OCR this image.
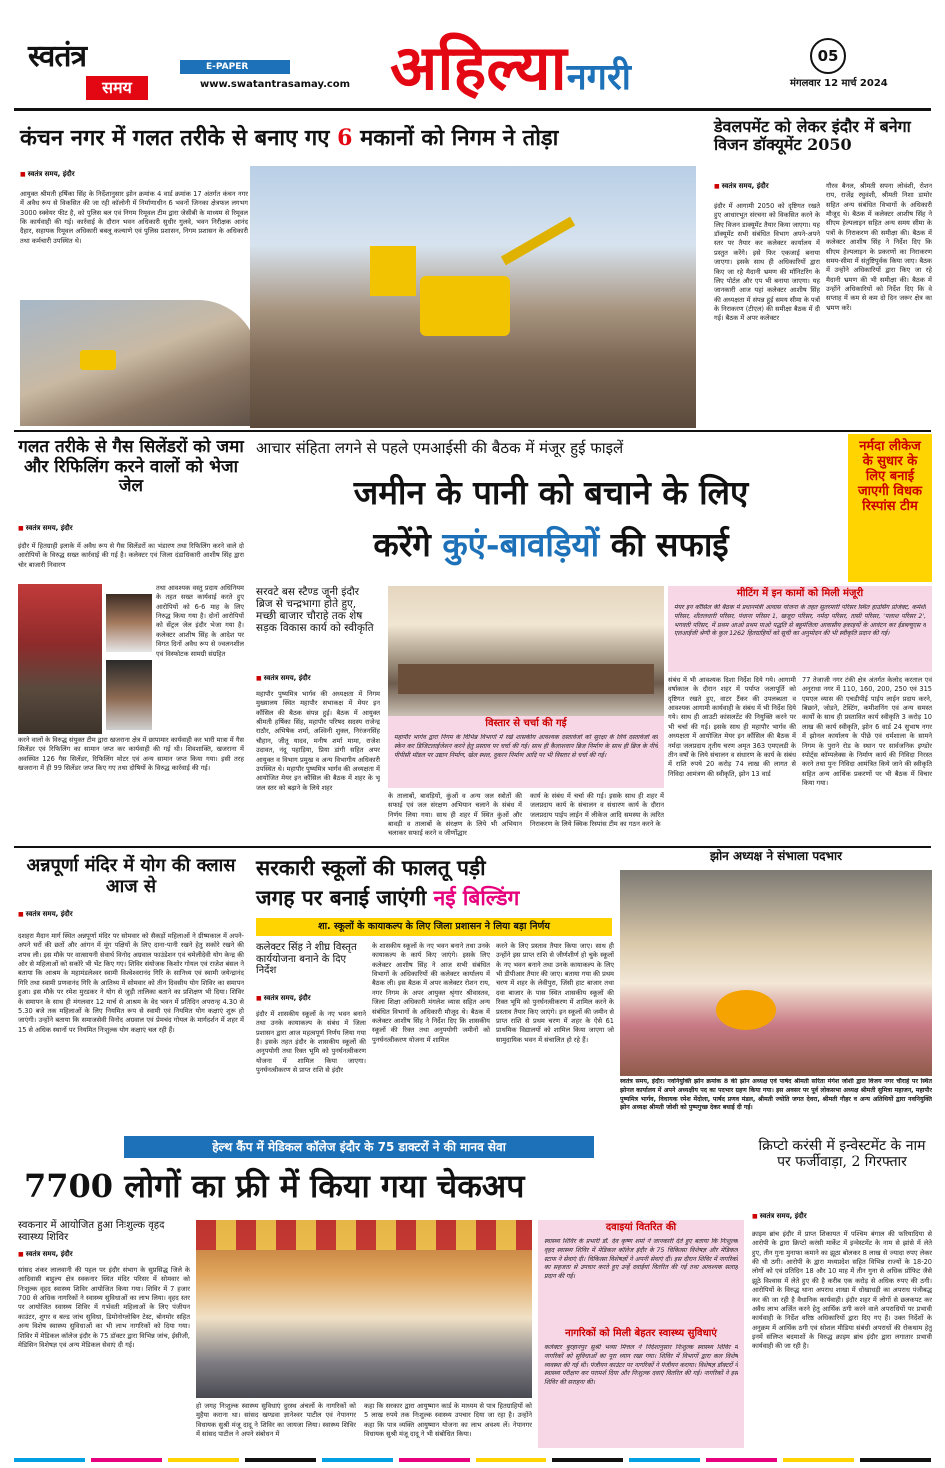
स्वतंत्र
समय
E-PAPER
www.swatantrasamay.com अहिल्यानगरी	05
मंगलवार 12 मार्च 2024
कंचन नगर में गलत तरीके से बनाए गए 6 मकानों को निगम ने तोड़ा
■ स्वतंत्र समय, इंदौर
आयुक्त श्रीमती हर्षिका सिंह के निर्देशानुसार झोन क्रमांक 4 वार्ड क्रमांक 17 अंतर्गत कंचन नगर में अवैध रूप से विकसित की जा रही कॉलोनी में निर्माणाधीन 6 भवनों जिनका क्षेत्रफल लगभग 3000 स्क्वेयर फीट है, को पुलिस बल एवं निगम रिमूवल टीम द्वारा जेसीबी के माध्यम से रिमूवल कि कार्यवाही की गई। कार्रवाई के दौरान भवन अधिकारी सुधीर गुलवे, भवन निरीक्षक आनंद दैहार, सहायक रिमूवल अधिकारी बबलू कल्याणे एवं पुलिस प्रशासन, निगम प्रशासन के अधिकारी तथा कर्मचारी उपस्थित थे।
डेवलपमेंट को लेकर इंदौर में बनेगा विजन डॉक्यूमेंट 2050
■ स्वतंत्र समय, इंदौर
इंदौर में आगामी 2050 को दृष्टिगत रखते हुए आधारभूत संरचना को विकसित करने के लिए विजन डाक्यूमेंट तैयार किया जाएगा। यह डॉक्यूमेंट सभी संबंधित विभाग अपने-अपने स्तर पर तैयार कर कलेक्टर कार्यालय में प्रस्तुत करेंगे। इसे फिर एकजाई बनाया जाएगा। इसके साथ ही अधिकारियों द्वारा किए जा रहे मैदानी भ्रमण की मॉनिटरिंग के लिए पोर्टल और एप भी बनाया जाएगा। यह जानकारी आज यहां कलेक्टर आशीष सिंह की अध्यक्षता में संपन्न हुई समय सीमा के पत्रों के निराकरण (टीएल) की समीक्षा बैठक में दी गई। बैठक में अपर कलेक्टर
गौरव बैनल, श्रीमती सपना लोवंशी, रोशन राय, राजेंद्र रघुवंशी, श्रीमती निशा डामोर सहित अन्य संबंधित विभागों के अधिकारी मौजूद थे। बैठक में कलेक्टर आशीष सिंह ने सीएम हेल्पलाइन सहित अन्य समय सीमा के पत्रों के निराकरण की समीक्षा की। बैठक में कलेक्टर आशीष सिंह ने निर्देश दिए कि सीएम हेल्पलाइन के प्रकरणों का निराकरण समय-सीमा में संतुष्टिपूर्वक किया जाए। बैठक में उन्होंने अधिकारियों द्वारा किए जा रहे मैदानी भ्रमण की भी समीक्षा की। बैठक में उन्होंने अधिकारियों को निर्देश दिए कि वे सप्ताह में कम से कम दो दिन जरूर क्षेत्र का भ्रमण करें।
गलत तरीके से गैस सिलेंडरों को जमा और रिफिलिंग करने वालों को भेजा जेल
■ स्वतंत्र समय, इंदौर
इंदौर में हितग्राही इलाके में अवैध रूप से गैस सिलेंडरों का भंडारण तथा रिफिलिंग करने वाले दो आरोपियों के विरुद्ध सख्त कार्रवाई की गई है। कलेक्टर एवं जिला दंडाधिकारी आशीष सिंह द्वारा चोर बाजारी निवारण
तथा आवश्यक वस्तु प्रदाय अधिनियम के तहत सख्त कार्यवाई करते हुए आरोपियों को 6-6 माह के लिए निरुद्ध किया गया है। दोनों आरोपियों को सेंट्रल जेल इंदौर भेजा गया है। कलेक्टर आशीष सिंह के आदेश पर विगत दिनों अवैध रूप से ज्वलनशील एवं विस्फोटक सामग्री संग्रहित
करने वालों के विरुद्ध संयुक्त टीम द्वारा खजराना क्षेत्र में छापामार कार्यवाही कर भारी मात्रा में गैस सिलेंडर एवं रिफिलिंग का सामान जप्त कर कार्यवाही की गई थी। शिवशाक्ति, खजराना में अवस्थित 126 गैस सिलेंडर, रिफिलिंग मोटर एवं अन्य सामान जप्त किया गया। इसी तरह खजराना में ही 99 सिलेंडर जप्त किए गए तथा दोषियों के विरुद्ध कार्रवाई की गई।
आचार संहिता लगने से पहले एमआईसी की बैठक में मंजूर हुई फाइलें
जमीन के पानी को बचाने के लिए
करेंगे कुएं-बावड़ियों की सफाई
नर्मदा लीकेज के सुधार के लिए बनाई जाएगी विधक रिस्पांस टीम
सरवटे बस स्टैण्ड जूनी इंदौर ब्रिज से चन्द्रभागा होते हुए, मच्छी बाजार चौराहे तक शेष सड़क विकास कार्य को स्वीकृति
■ स्वतंत्र समय, इंदौर
महापौर पुष्यमित्र भार्गव की अध्यक्षता में निगम मुख्यालय स्थित महापौर सभाकक्ष में मेयर इन कौंसिल की बैठक संपन्न हुई। बैठक में आयुक्त श्रीमती हर्षिका सिंह, महापौर परिषद सदस्य राजेन्द्र राठौर, अभिषेक शर्मा, अश्विनी शुक्ल, निरंजनसिंह चौहान, जीतू यादव, मनीष शर्मा मामा, राजेश उदावत, नंदू पहाड़िया, प्रिया डांगी सहित अपर आयुक्त व विभाग प्रमुख व अन्य विभागीय अधिकारी उपस्थित थे। महापौर पुष्यमित्र भार्गव की अध्यक्षता में आयोजित मेयर इन कौंसिल की बैठक में शहर के भू जल स्तर को बढ़ाने के लिये शहर
विस्तार से चर्चा की गई
महापौर भार्गव द्वारा निगम के विभिन्न विभागों में रखे शासकीय आवश्यक दस्तावेजों को सुरक्षा के लिये दस्तावेजों को स्केन कर डिजिटलाईजेशन करने हेतु प्रस्ताव पर चर्चा की गई। साथ ही कैलाशवान ब्रिज निर्माण के साथ ही ब्रिज के नीचे पीपीसी मॉडल पर उद्यान निर्माण, खेल स्थल, दुकान निर्माण आदि पर भी विस्तार से चर्चा की गई।
के तालाबों, बावड़ियों, कुंओं व अन्य जल स्त्रोतों की सफाई एवं जल संरक्षण अभियान चलाने के संबंध में निर्णय लिया गया। साथ ही शहर में स्थित कुंओं और बावड़ी व तालाबों के संरक्षण के लिये भी अभियान चलाकर सफाई करने व जीर्णोद्धार
कार्य के संबंध में चर्चा की गई। इसके साथ ही शहर में जलप्रदाय कार्य के संचालन व संधारण कार्य के दौरान जलप्रदाय पाईप लाईन में लीकेज आदि समस्या के त्वरित निराकरण के लिये क्विक रिस्पांस टीम का गठन करने के
मीटिंग में इन कामों को मिली मंजूरी
मेयर इन कौंसिल की बैठक में प्रधानमंत्री आवास योजना के तहत सुतरमारी परिसर स्थित हाउसिंग प्रोजेक्ट, कर्मशी परिसर, शीतलधारी परिसर, पंधाना परिसर 1, खजूरा परिसर, नर्मदा परिसर, तासी परिसर, 'पलाश परिसर 2', भगवती परिसर, में प्रथम आओ प्रथम पाओ पद्धति से बहुमंजिला आवासीय इकाइयों के आवंटन कर ईडब्ल्यूएस व एलआईजी श्रेणी के कुल 1262 हितग्राहियों को सूची का अनुमोदन की भी स्वीकृति प्रदान की गई।
संबंध में भी आवश्यक दिशा निर्देश दिये गये। आगामी वर्षाकाल के दौरान शहर में पर्याप्त जलापूर्ति को दृष्टिगत रखते हुए, वाटर टैंकर की उपलब्धता व आवश्यक आगामी कार्यवाही के संबंध में भी निर्देश दिये गये। साथ ही आउटी कांसलटेंट की नियुक्ति करने पर भी चर्चा की गई। इसके साथ ही महापौर भार्गव की अध्यक्षता में आयोजित मेयर इन कौंसिल की बैठक में नर्मदा जलप्रदाय तृतीय चरण अमृत 363 एमएलडी के तीन वर्षों के लिये संचालन व संधारण के कार्य के संबंध में राशि रुपये 20 करोड़ 74 लाख की लागत से निविदा आमंत्रण की स्वीकृति, झोन 13 वार्ड
77 तेजाजी नगर टंकी क्षेत्र अंतर्गत केलोद करताल एवं अनुराधा नगर में 110, 160, 200, 250 एवं 315 एमएल व्यास की एचडीपीई पाईप लाईन प्रदाय करने, बिछाने, जोडने, टेस्टिंग, कमीशनिंग एवं अन्य समस्त कार्यों के साथ ही प्रस्तावित कार्य स्वीकृति 3 करोड़ 10 लाख की कार्य स्वीकृति, झोन 6 वार्ड 24 सुभाष नगर में झोनल कार्यालय के पीछे एवं धर्मशाला के सामने निगम के पुराने रोड के स्थान पर सार्वजनिक इण्डोर स्पोर्ट्स कॉम्पलेक्स के निर्माण कार्य की निविदा निरस्त करने तथा पुनः निविदा आमंत्रित किये जाने की स्वीकृति सहित अन्य आर्थिक प्रकरणों पर भी बैठक में विचार किया गया।
अन्नपूर्णा मंदिर में योग की क्लास आज से
■ स्वतंत्र समय, इंदौर
दशहरा मैदान मार्ग स्थित अन्नपूर्णा मंदिर पर सोमवार को सैकड़ों महिलाओं ने ग्रीष्मकाल में अपने-अपने घरों की छतों और आंगन में मूंग पक्षियों के लिए दाना-पानी रखने हेतु सकोरे रखने की शपथ ली। इस मौके पर वात्सायनी सेवार्थ विनोद अग्रवाल फाउंडेशन एवं चमेलीदेवी योग केन्द्र की ओर से महिलाओं को सकोरे भी भेंट किए गए। शिविर संयोजक किशोर गोयल एवं राजेश बंसल ने बताया कि आश्रम के महामंडलेश्वर स्वामी विश्वेश्वरानंद गिरि के सानिध्य एवं स्वामी जयेन्द्रानंद गिरि तथा स्वामी प्रणवानंद गिरि के आतिथ्य में सोमवार को तीन दिवसीय योग शिविर का समापन हुआ। इस मौके पर रमेश मुरडकर ने योग से जुड़ी तालिका बताने का प्रशिक्षण भी दिया। शिविर के समापन के साथ ही मंगलवार 12 मार्च से आश्रम के वेद भवन में प्रतिदिन अपरान्ह 4.30 से 5.30 बजे तक महिलाओं के लिए नियमित रूप से स्वामी एवं नियमित योग कक्षाएं शुरू हो जाएंगी। उन्होंने बताया कि समाजसेवी विनोद अग्रवाल एवं प्रेमचंद गोयल के मार्गदर्शन में शहर में 15 से अधिक स्थानों पर नियमित निःशुल्क योग कक्षाएं चल रही हैं।
सरकारी स्कूलों की फालतू पड़ी
जगह पर बनाई जाएंगी नई बिल्डिंग
शा. स्कूलों के कायाकल्प के लिए जिला प्रशासन ने लिया बड़ा निर्णय
कलेक्टर सिंह ने शीघ्र विस्तृत कार्ययोजना बनाने के दिए निर्देश
■ स्वतंत्र समय, इंदौर
इंदौर में शासकीय स्कूलों के नए भवन बनाने तथा उनके कायाकल्प के संबंध में जिला प्रशासन द्वारा आज महत्वपूर्ण निर्णय लिया गया है। इसके तहत इंदौर के शासकीय स्कूलों की अनुपयोगी तथा रिक्त भूमि को पुनर्घनत्वीकरण योजना में शामिल किया जाएगा। पुनर्घनत्वीकरण से प्राप्त राशि से इंदौर
के शासकीय स्कूलों के नए भवन बनाने तथा उनके कायाकल्प के कार्य किए जाएंगे। इसके लिए कलेक्टर आशीष सिंह ने आज सभी संबंधित विभागों के अधिकारियों की कलेक्टर कार्यालय में बैठक ली। इस बैठक में अपर कलेक्टर रोशन राय, नगर निगम के अपर आयुक्त श्रृंगार श्रीवास्तव, जिला शिक्षा अधिकारी मंगलेश व्यास सहित अन्य संबंधित विभागों के अधिकारी मौजूद थे। बैठक में कलेक्टर आशीष सिंह ने निर्देश दिए कि शासकीय स्कूलों की रिक्त तथा अनुपयोगी जमीनों को पुनर्घनत्वीकरण योजना में शामिल
करने के लिए प्रस्ताव तैयार किया जाए। साथ ही उन्होंने इस प्राप्त राशि से जीर्णशीर्ण हो चुके स्कूलों के नए भवन बनाने तथा उनके कायाकल्प के लिए भी डीपीआर तैयार की जाए। बताया गया की प्रथम चरण में शहर के लेवीपुरा, जिंसी हाट बाजार तथा दवा बाजार के पास स्थित शासकीय स्कूलों की रिक्त भूमि को पुनर्घनत्वीकरण में शामिल करने के प्रस्ताव तैयार किए जाएंगे। इन स्कूलों की जमीन से प्राप्त राशि से प्रथम चरण में शहर के ऐसे 61 प्राथमिक विद्यालयों को शामिल किया जाएगा जो सामुदायिक भवन में संचालित हो रहे हैं।
झोन अध्यक्ष ने संभाला पदभार
स्वतंत्र समय, इंदौर। नवनियुक्ति झोन क्रमांक 8 की झोन अध्यक्ष एवं पार्षद श्रीमती सरिता मंगेश जोशी द्वारा विजय नगर चौराहे पर स्थित झोनल कार्यालय में अपने अध्यक्षीय पद का पदभार ग्रहण किया गया। इस अवसर पर पूर्व लोकसभा अध्यक्ष श्रीमती सुमित्रा महाजन, महापौर पुष्यमित्र भार्गव, विधायक रमेश मेंदोला, पार्षद प्रणव मंडल, श्रीमती ज्योति जगत देवरा, श्रीमती गौहर व अन्य अतिथियों द्वारा नवनियुक्ति झोन अध्यक्ष श्रीमती जोशी को पुष्पगुच्छ देकर बधाई दी गई।
हेल्थ कैंप में मेडिकल कॉलेज इंदौर के 75 डाक्टरों ने की मानव सेवा
7700 लोगों का फ्री में किया गया चेकअप
स्वकनार में आयोजित हुआ निःशुल्क वृहद स्वास्थ्य शिविर
■ स्वतंत्र समय, इंदौर
सांसद शंकर लालवानी की पहल पर इंदौर संभाग के सुप्रसिद्ध जिले के आदिवासी बाहुल्य क्षेत्र स्वकनार स्थित मंदिर परिसर में सोमवार को निःशुल्क वृहद स्वास्थ्य शिविर आयोजित किया गया। शिविर में 7 हजार 700 से अधिक नागरिकों ने स्वास्थ्य सुविधाओं का लाभ लिया। वृहद स्तर पर आयोजित स्वास्थ्य शिविर में गर्भवती महिलाओं के लिए पंजीयन काउंटर, शुगर व बल्ड जांच सुविधा, डिमोनोग्लोबिन टेस्ट, बोनमोर सहित अन्य विशेष स्वास्थ्य सुविधाओं का भी लाभ नागरिकों को दिया गया। शिविर में मेडिकल कॉलेज इंदौर के 75 डॉक्टर द्वारा विभिन्न जांच, ईसीजी, मेडिसिन विशेषज्ञ एवं अन्य मेडिकल सेवाएं दी गई।
हो जगह निःशुल्क स्वास्थ्य सुविधाएं दुरस्थ अंचलों के नागरिकों को मुहैया कराना था। सांसद खण्डवा ज्ञानेश्वर पाटील एवं नेपानगर विधायक सुश्री मंजू दादू ने शिविर का जायजा लिया। स्वास्थ्य शिविर में सांसद पाटील ने अपने संबोधन में
कहा कि सरकार द्वारा आयुष्मान कार्ड के माध्यम से पात्र हितग्राहियों को 5 लाख रुपये तक निःशुल्क स्वास्थ्य उपचार दिया जा रहा है। उन्होंने कहा कि पात्र व्यक्ति आयुष्मान योजना का लाभ अवश्य लें। नेपानगर विधायक सुश्री मंजू दादू ने भी संबोधित किया।
दवाइयां वितरित की
स्वास्थ्य शिविर के प्रभारी डॉ. देव कृष्ण शर्मा ने जानकारी देते हुए बताया कि निःशुल्क वृहद स्वास्थ्य शिविर में मेडिकल कॉलेज इंदौर के 75 चिकित्सा विशेषज्ञ और मेडिकल स्टाफ ने सेवाएं दी। चिकित्सा विशेषज्ञों ने अपनी सेवाएं दीं। इस दौरान शिविर में नागरिकों का सहजता से उपचार करते हुए उन्हें दवाईयां वितरित की गई तथा आवश्यक सलाह प्रदान की गई।
नागरिकों को मिली बेहतर स्वास्थ्य सुविधाएं
कलेक्टर बुरहानपुर सुश्री भव्या मित्तल ने निर्देशानुसार निःशुल्क स्वास्थ्य शिविर में नागरिकों को सुविधाओं का पूरा ध्यान रखा गया। शिविर में विभागों द्वारा कल विशेष व्यवस्था की गई थी। पंजीयन काउंटर पर नागरिकों ने पंजीयन कराया। विशेषज्ञ डॉक्टरों ने स्वास्थ्य परीक्षण कर परामर्श दिया और निःशुल्क दवाएं वितरित की गई। नागरिकों ने इस शिविर की सराहना की।
क्रिप्टो करंसी में इन्वेस्टमेंट के नाम पर फर्जीवाड़ा, 2 गिरफ्तार
■ स्वतंत्र समय, इंदौर
क्राइम ब्रांच इंदौर में प्राप्त शिकायत में पश्चिम बंगाल की फरियादिया से आरोपी के द्वारा क्रिप्टो करंसी मार्केट में इन्वेस्टमेंट के नाम से झांसे में लेते हुए, तीन गुना मुनाफा कमाने का झूठा बोलकर 8 लाख से ज्यादा रुपए लेकर की थी ठगी। आरोपी के द्वारा मध्यप्रदेश सहित विभिन्न राज्यों के 18-20 लोगों को एवं प्रतिदिन 18 और 10 माह में तीन गुना से अधिक प्रॉफिट जैसे झूठे विश्वास में लेते हुए की है करीब एक करोड़ से अधिक रुपए की ठगी। आरोपियों के विरुद्ध थाना अपराध शाखा में धोखाधड़ी का अपराध पंजीबद्ध कर की जा रही है वैधानिक कार्यवाही। इंदौर शहर में लोगों से छलकपट कर अवैध लाभ अर्जित करने हेतु आर्थिक ठगी करने वाले अपराधियों पर प्रभावी कार्यवाही के निर्देश वरिष्ठ अधिकारियों द्वारा दिए गए हैं। उक्त निर्देशों के अनुक्रम में आर्थिक ठगी एवं सोशल मीडिया संबंधी अपराधों की रोकथाम हेतु इनमें संलिप्त बदमाशों के विरुद्ध क्राइम ब्रांच इंदौर द्वारा लगातार प्रभावी कार्यवाही की जा रही है।
